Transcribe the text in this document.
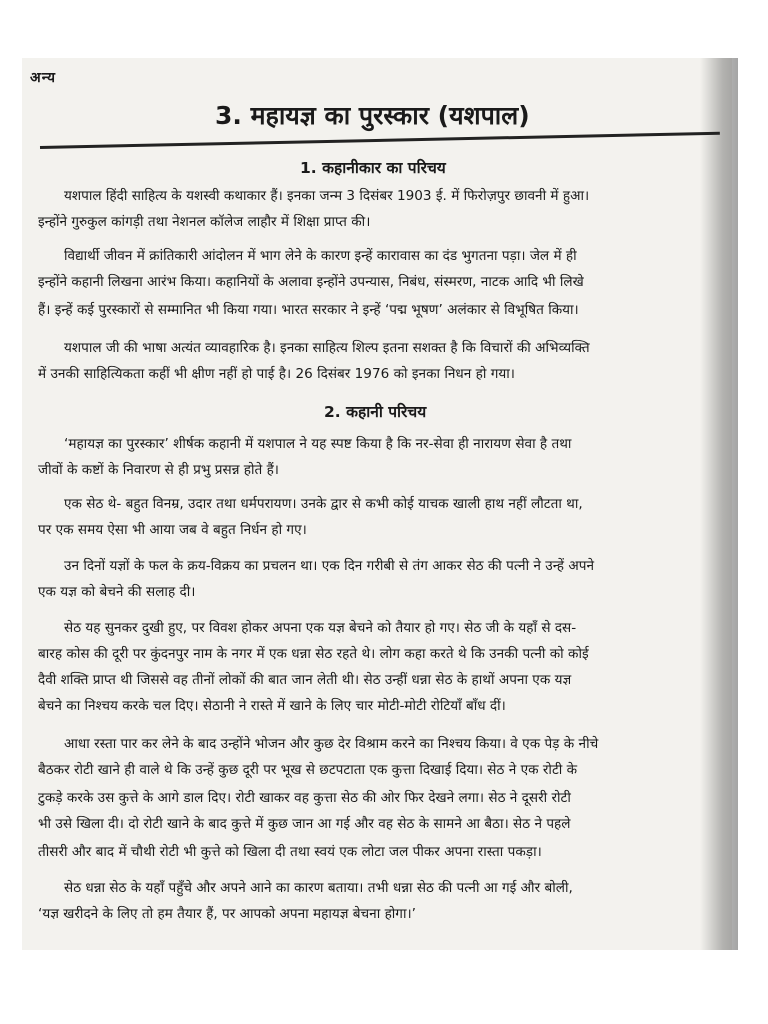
अन्य
3. महायज्ञ का पुरस्कार (यशपाल)
1. कहानीकार का परिचय
2. कहानी परिचय
यशपाल हिंदी साहित्य के यशस्वी कथाकार हैं। इनका जन्म 3 दिसंबर 1903 ई. में फिरोज़पुर छावनी में हुआ।
इन्होंने गुरुकुल कांगड़ी तथा नेशनल कॉलेज लाहौर में शिक्षा प्राप्त की।
विद्यार्थी जीवन में क्रांतिकारी आंदोलन में भाग लेने के कारण इन्हें कारावास का दंड भुगतना पड़ा। जेल में ही
इन्होंने कहानी लिखना आरंभ किया। कहानियों के अलावा इन्होंने उपन्यास, निबंध, संस्मरण, नाटक आदि भी लिखे
हैं। इन्हें कई पुरस्कारों से सम्मानित भी किया गया। भारत सरकार ने इन्हें ‘पद्म भूषण’ अलंकार से विभूषित किया।
यशपाल जी की भाषा अत्यंत व्यावहारिक है। इनका साहित्य शिल्प इतना सशक्त है कि विचारों की अभिव्यक्ति
में उनकी साहित्यिकता कहीं भी क्षीण नहीं हो पाई है। 26 दिसंबर 1976 को इनका निधन हो गया।
‘महायज्ञ का पुरस्कार’ शीर्षक कहानी में यशपाल ने यह स्पष्ट किया है कि नर-सेवा ही नारायण सेवा है तथा
जीवों के कष्टों के निवारण से ही प्रभु प्रसन्न होते हैं।
एक सेठ थे- बहुत विनम्र, उदार तथा धर्मपरायण। उनके द्वार से कभी कोई याचक खाली हाथ नहीं लौटता था,
पर एक समय ऐसा भी आया जब वे बहुत निर्धन हो गए।
उन दिनों यज्ञों के फल के क्रय-विक्रय का प्रचलन था। एक दिन गरीबी से तंग आकर सेठ की पत्नी ने उन्हें अपने
एक यज्ञ को बेचने की सलाह दी।
सेठ यह सुनकर दुखी हुए, पर विवश होकर अपना एक यज्ञ बेचने को तैयार हो गए। सेठ जी के यहाँ से दस-
बारह कोस की दूरी पर कुंदनपुर नाम के नगर में एक धन्ना सेठ रहते थे। लोग कहा करते थे कि उनकी पत्नी को कोई
दैवी शक्ति प्राप्त थी जिससे वह तीनों लोकों की बात जान लेती थी। सेठ उन्हीं धन्ना सेठ के हाथों अपना एक यज्ञ
बेचने का निश्चय करके चल दिए। सेठानी ने रास्ते में खाने के लिए चार मोटी-मोटी रोटियाँ बाँध दीं।
आधा रस्ता पार कर लेने के बाद उन्होंने भोजन और कुछ देर विश्राम करने का निश्चय किया। वे एक पेड़ के नीचे
बैठकर रोटी खाने ही वाले थे कि उन्हें कुछ दूरी पर भूख से छटपटाता एक कुत्ता दिखाई दिया। सेठ ने एक रोटी के
टुकड़े करके उस कुत्ते के आगे डाल दिए। रोटी खाकर वह कुत्ता सेठ की ओर फिर देखने लगा। सेठ ने दूसरी रोटी
भी उसे खिला दी। दो रोटी खाने के बाद कुत्ते में कुछ जान आ गई और वह सेठ के सामने आ बैठा। सेठ ने पहले
तीसरी और बाद में चौथी रोटी भी कुत्ते को खिला दी तथा स्वयं एक लोटा जल पीकर अपना रास्ता पकड़ा।
सेठ धन्ना सेठ के यहाँ पहुँचे और अपने आने का कारण बताया। तभी धन्ना सेठ की पत्नी आ गई और बोली,
‘यज्ञ खरीदने के लिए तो हम तैयार हैं, पर आपको अपना महायज्ञ बेचना होगा।’
